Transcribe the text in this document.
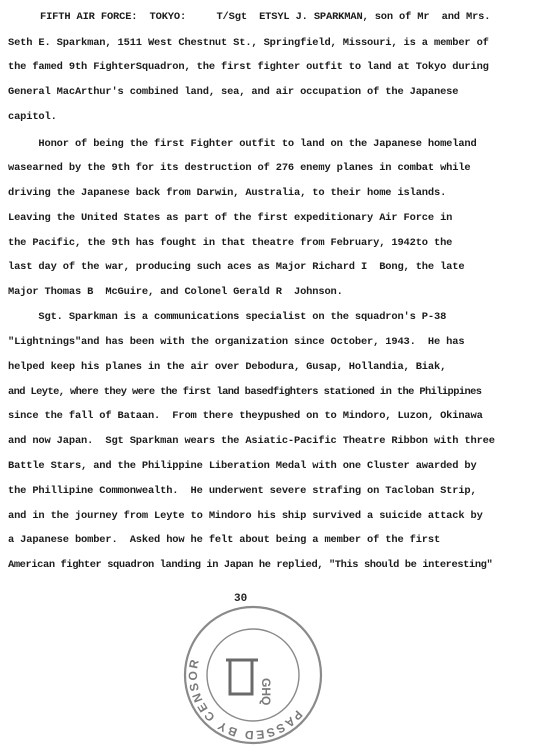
FIFTH AIR FORCE:  TOKYO:     T/Sgt  ETSYL J. SPARKMAN, son of Mr  and Mrs.
Seth E. Sparkman, 1511 West Chestnut St., Springfield, Missouri, is a member of
the famed 9th FighterSquadron, the first fighter outfit to land at Tokyo during
General MacArthur's combined land, sea, and air occupation of the Japanese
capitol.
Honor of being the first Fighter outfit to land on the Japanese homeland
wasearned by the 9th for its destruction of 276 enemy planes in combat while
driving the Japanese back from Darwin, Australia, to their home islands.
Leaving the United States as part of the first expeditionary Air Force in
the Pacific, the 9th has fought in that theatre from February, 1942to the
last day of the war, producing such aces as Major Richard I  Bong, the late
Major Thomas B  McGuire, and Colonel Gerald R  Johnson.
Sgt. Sparkman is a communications specialist on the squadron's P-38
"Lightnings"and has been with the organization since October, 1943.  He has
helped keep his planes in the air over Debodura, Gusap, Hollandia, Biak,
and Leyte, where they were the first land basedfighters stationed in the Philippines
since the fall of Bataan.  From there theypushed on to Mindoro, Luzon, Okinawa
and now Japan.  Sgt Sparkman wears the Asiatic-Pacific Theatre Ribbon with three
Battle Stars, and the Philippine Liberation Medal with one Cluster awarded by
the Phillipine Commonwealth.  He underwent severe strafing on Tacloban Strip,
and in the journey from Leyte to Mindoro his ship survived a suicide attack by
a Japanese bomber.  Asked how he felt about being a member of the first
American fighter squadron landing in Japan he replied, "This should be interesting"
30
PASSED BY CENSOR
GHQ
